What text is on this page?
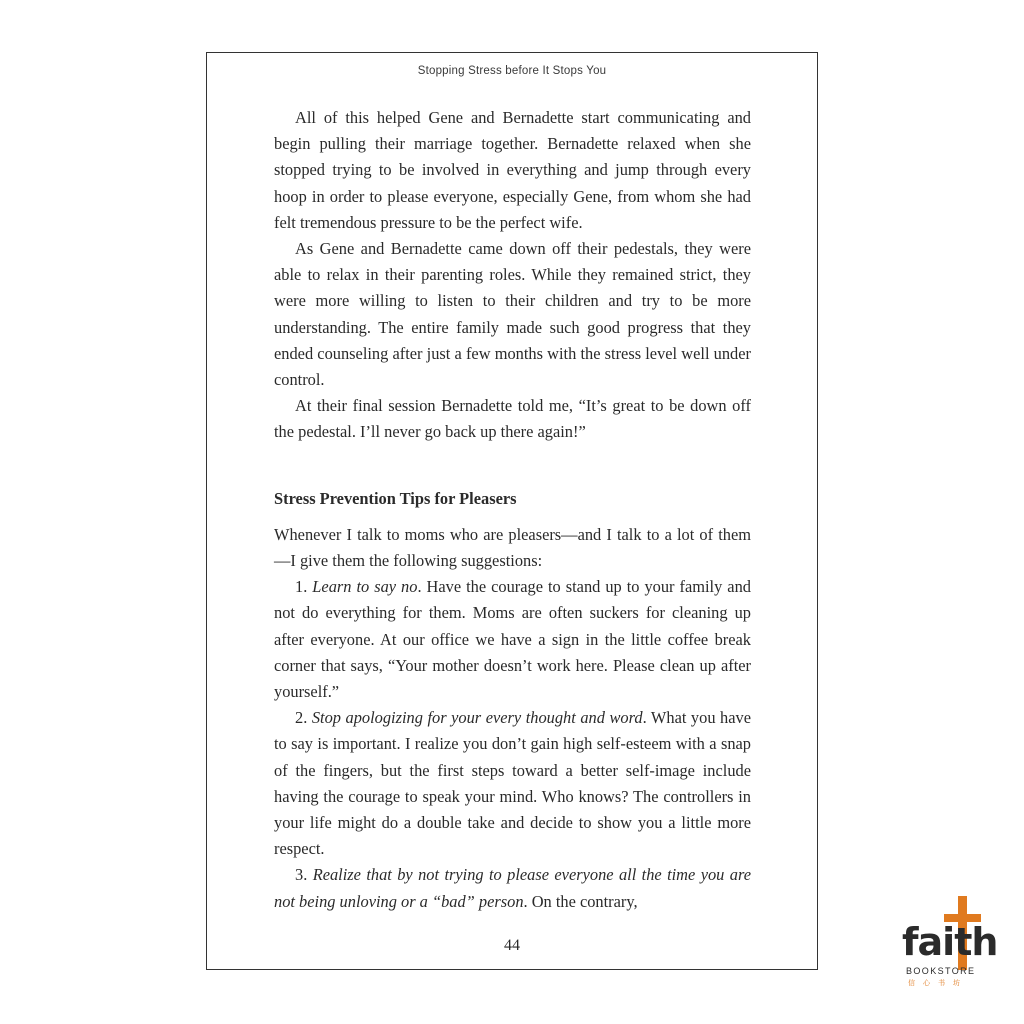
Stopping Stress before It Stops You

All of this helped Gene and Bernadette start communicating and begin pulling their marriage together. Bernadette relaxed when she stopped trying to be involved in everything and jump through every hoop in order to please everyone, especially Gene, from whom she had felt tremendous pressure to be the perfect wife.

As Gene and Bernadette came down off their pedestals, they were able to relax in their parenting roles. While they remained strict, they were more willing to listen to their children and try to be more understanding. The entire family made such good progress that they ended counseling after just a few months with the stress level well under control.

At their final session Bernadette told me, “It’s great to be down off the pedestal. I’ll never go back up there again!”

Stress Prevention Tips for Pleasers

Whenever I talk to moms who are pleasers—and I talk to a lot of them—I give them the following suggestions:

1. Learn to say no. Have the courage to stand up to your family and not do everything for them. Moms are often suckers for cleaning up after everyone. At our office we have a sign in the little coffee break corner that says, “Your mother doesn’t work here. Please clean up after yourself.”

2. Stop apologizing for your every thought and word. What you have to say is important. I realize you don’t gain high self-esteem with a snap of the fingers, but the first steps toward a better self-image include having the courage to speak your mind. Who knows? The controllers in your life might do a double take and decide to show you a little more respect.

3. Realize that by not trying to please everyone all the time you are not being unloving or a “bad” person. On the contrary,

44	faith
BOOKSTORE
信心书坊
